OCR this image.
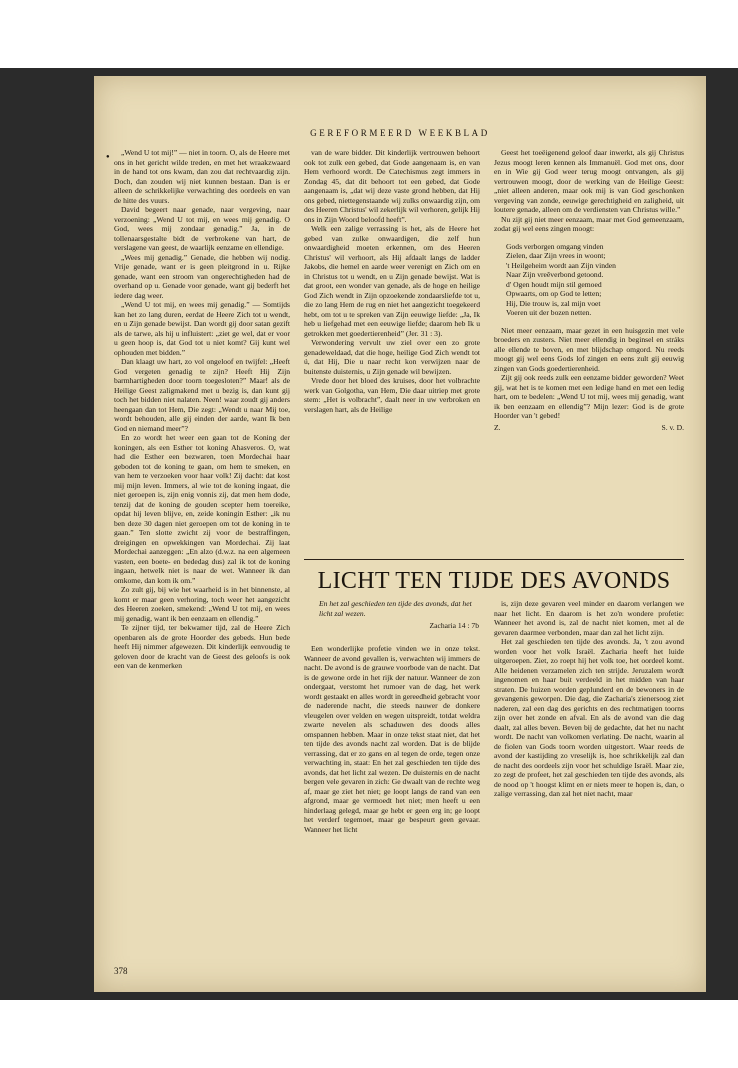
GEREFORMEERD WEEKBLAD
●	„Wend U tot mij!” — niet in toorn. O, als de Heere met ons in het gericht wilde treden, en met het wraakzwaard in de hand tot ons kwam, dan zou dat rechtvaardig zijn. Doch, dan zouden wij niet kunnen bestaan. Dan is er alleen de schrikkelijke verwachting des oordeels en van de hitte des vuurs.

David begeert naar genade, naar vergeving, naar verzoening: „Wend U tot mij, en wees mij genadig. O God, wees mij zondaar genadig.” Ja, in de tollenaarsgestalte bidt de verbrokene van hart, de verslagene van geest, de waarlijk eenzame en ellendige.

„Wees mij genadig.” Genade, die hebben wij nodig. Vrije genade, want er is geen pleitgrond in u. Rijke genade, want een stroom van ongerechtigheden had de overhand op u. Genade voor genade, want gij bederft het iedere dag weer.

„Wend U tot mij, en wees mij genadig.” — Somtijds kan het zo lang duren, eerdat de Heere Zich tot u wendt, en u Zijn genade bewijst. Dan wordt gij door satan gezift als de tarwe, als hij u influistert: „ziet ge wel, dat er voor u geen hoop is, dat God tot u niet komt? Gij kunt wel ophouden met bidden.”

Dan klaagt uw hart, zo vol ongeloof en twijfel: „Heeft God vergeten genadig te zijn? Heeft Hij Zijn barmhartigheden door toorn toegesloten?” Maar! als de Heilige Geest zaligmakend met u bezig is, dan kunt gij toch het bidden niet nalaten. Neen! waar zoudt gij anders heengaan dan tot Hem, Die zegt: „Wendt u naar Mij toe, wordt behouden, alle gij einden der aarde, want Ik ben God en niemand meer”?

En zo wordt het weer een gaan tot de Koning der koningen, als een Esther tot koning Ahasveros. O, wat had die Esther een bezwaren, toen Mordechai haar geboden tot de koning te gaan, om hem te smeken, en van hem te verzoeken voor haar volk! Zij dacht: dat kost mij mijn leven. Immers, al wie tot de koning ingaat, die niet geroepen is, zijn enig vonnis zij, dat men hem dode, tenzij dat de koning de gouden scepter hem toereike, opdat hij leven blijve, en, zeide koningin Esther: „ik nu ben deze 30 dagen niet geroepen om tot de koning in te gaan.” Ten slotte zwicht zij voor de bestraffingen, dreigingen en opwekkingen van Mordechai. Zij laat Mordechai aanzeggen: „En alzo (d.w.z. na een algemeen vasten, een boete- en bededag dus) zal ik tot de koning ingaan, hetwelk niet is naar de wet. Wanneer ik dan omkome, dan kom ik om.”

Zo zult gij, bij wie het waarheid is in het binnenste, al komt er maar geen verhoring, toch weer het aangezicht des Heeren zoeken, smekend: „Wend U tot mij, en wees mij genadig, want ik ben eenzaam en ellendig.”

Te zijner tijd, ter bekwamer tijd, zal de Heere Zich openbaren als de grote Hoorder des gebeds. Hun bede heeft Hij nimmer afgewezen. Dit kinderlijk eenvoudig te geloven door de kracht van de Geest des geloofs is ook een van de kenmerken

van de ware bidder. Dit kinderlijk vertrouwen behoort ook tot zulk een gebed, dat Gode aangenaam is, en van Hem verhoord wordt. De Catechismus zegt immers in Zondag 45, dat dit behoort tot een gebed, dat Gode aangenaam is, „dat wij deze vaste grond hebben, dat Hij ons gebed, niettegenstaande wij zulks onwaardig zijn, om des Heeren Christus' wil zekerlijk wil verhoren, gelijk Hij ons in Zijn Woord beloofd heeft”.

Welk een zalige verrassing is het, als de Heere het gebed van zulke onwaardigen, die zelf hun onwaardigheid moeten erkennen, om des Heeren Christus' wil verhoort, als Hij afdaalt langs de ladder Jakobs, die hemel en aarde weer verenigt en Zich om en in Christus tot u wendt, en u Zijn genade bewijst. Wat is dat groot, een wonder van genade, als de hoge en heilige God Zich wendt in Zijn opzoekende zondaarsliefde tot u, die zo lang Hem de rug en niet het aangezicht toegekeerd hebt, om tot u te spreken van Zijn eeuwige liefde: „Ja, Ik heb u liefgehad met een eeuwige liefde; daarom heb Ik u getrokken met goedertierenheid” (Jer. 31 : 3).

Verwondering vervult uw ziel over een zo grote genadeweldaad, dat die hoge, heilige God Zich wendt tot ú, dat Hij, Die u naar recht kon verwijzen naar de buitenste duisternis, u Zijn genade wil bewijzen.

Vrede door het bloed des kruises, door het volbrachte werk van Golgotha, van Hem, Die daar uitriep met grote stem: „Het is volbracht”, daalt neer in uw verbroken en verslagen hart, als de Heilige

Geest het toeëigenend geloof daar inwerkt, als gij Christus Jezus moogt leren kennen als Immanuël. God met ons, door en in Wie gij God weer terug moogt ontvangen, als gij vertrouwen moogt, door de werking van de Heilige Geest: „niet alleen anderen, maar ook mij is van God geschonken vergeving van zonde, eeuwige gerechtigheid en zaligheid, uit loutere genade, alleen om de verdiensten van Christus wille.”

Nu zijt gij niet meer eenzaam, maar met God gemeenzaam, zodat gij wel eens zingen moogt:

Gods verborgen omgang vinden
Zielen, daar Zijn vrees in woont;
't Heilgeheim wordt aan Zijn vinden
Naar Zijn vreêverbond getoond.
d' Ogen houdt mijn stil gemoed
Opwaarts, om op God te letten;
Hij, Die trouw is, zal mijn voet
Voeren uit der bozen netten.

Niet meer eenzaam, maar gezet in een huisgezin met vele broeders en zusters. Niet meer ellendig in beginsel en stráks alle ellende te boven, en met blijdschap omgord. Nu reeds moogt gij wel eens Gods lof zingen en eens zult gij eeuwig zingen van Gods goedertierenheid.

Zijt gij ook reeds zulk een eenzame bidder geworden? Weet gij, wat het is te komen met een ledige hand en met een ledig hart, om te bedelen: „Wend U tot mij, wees mij genadig, want ik ben eenzaam en ellendig”? Mijn lezer: God is de grote Hoorder van 't gebed!

Z.	S. v. D.
LICHT TEN TIJDE DES AVONDS
En het zal geschieden ten tijde des avonds, dat het licht zal wezen.
Zacharia 14 : 7b

Een wonderlijke profetie vinden we in onze tekst. Wanneer de avond gevallen is, verwachten wij immers de nacht. De avond is de grauwe voorbode van de nacht. Dat is de gewone orde in het rijk der natuur. Wanneer de zon ondergaat, verstomt het rumoer van de dag, het werk wordt gestaakt en alles wordt in gereedheid gebracht voor de naderende nacht, die steeds nauwer de donkere vleugelen over velden en wegen uitspreidt, totdat weldra zwarte nevelen als schaduwen des doods alles omspannen hebben. Maar in onze tekst staat niet, dat het ten tijde des avonds nacht zal worden. Dat is de blijde verrassing, dat er zo gans en al tegen de orde, tegen onze verwachting in, staat: En het zal geschieden ten tijde des avonds, dat het licht zal wezen. De duisternis en de nacht bergen vele gevaren in zich: Ge dwaalt van de rechte weg af, maar ge ziet het niet; ge loopt langs de rand van een afgrond, maar ge vermoedt het niet; men heeft u een hinderlaag gelegd, maar ge hebt er geen erg in; ge loopt het verderf tegemoet, maar ge bespeurt geen gevaar. Wanneer het licht

is, zijn deze gevaren veel minder en daarom verlangen we naar het licht. En daarom is het zo'n wondere profetie: Wanneer het avond is, zal de nacht niet komen, met al de gevaren daarmee verbonden, maar dan zal het licht zijn.

Het zal geschieden ten tijde des avonds. Ja, 't zou avond worden voor het volk Israël. Zacharia heeft het luide uitgeroepen. Ziet, zo roept hij het volk toe, het oordeel komt. Alle heidenen verzamelen zich ten strijde. Jeruzalem wordt ingenomen en haar buit verdeeld in het midden van haar straten. De huizen worden geplunderd en de bewoners in de gevangenis geworpen. Die dag, die Zacharia's zienersoog ziet naderen, zal een dag des gerichts en des rechtmatigen toorns zijn over het zonde en afval. En als de avond van die dag daalt, zal alles beven. Beven bij de gedachte, dat het nu nacht wordt. De nacht van volkomen verlating. De nacht, waarin al de fiolen van Gods toorn worden uitgestort. Waar reeds de avond der kastijding zo vreselijk is, hoe schrikkelijk zal dan de nacht des oordeels zijn voor het schuldige Israël. Maar zie, zo zegt de profeet, het zal geschieden ten tijde des avonds, als de nood op 't hoogst klimt en er niets meer te hopen is, dan, o zalige verrassing, dan zal het niet nacht, maar

378
